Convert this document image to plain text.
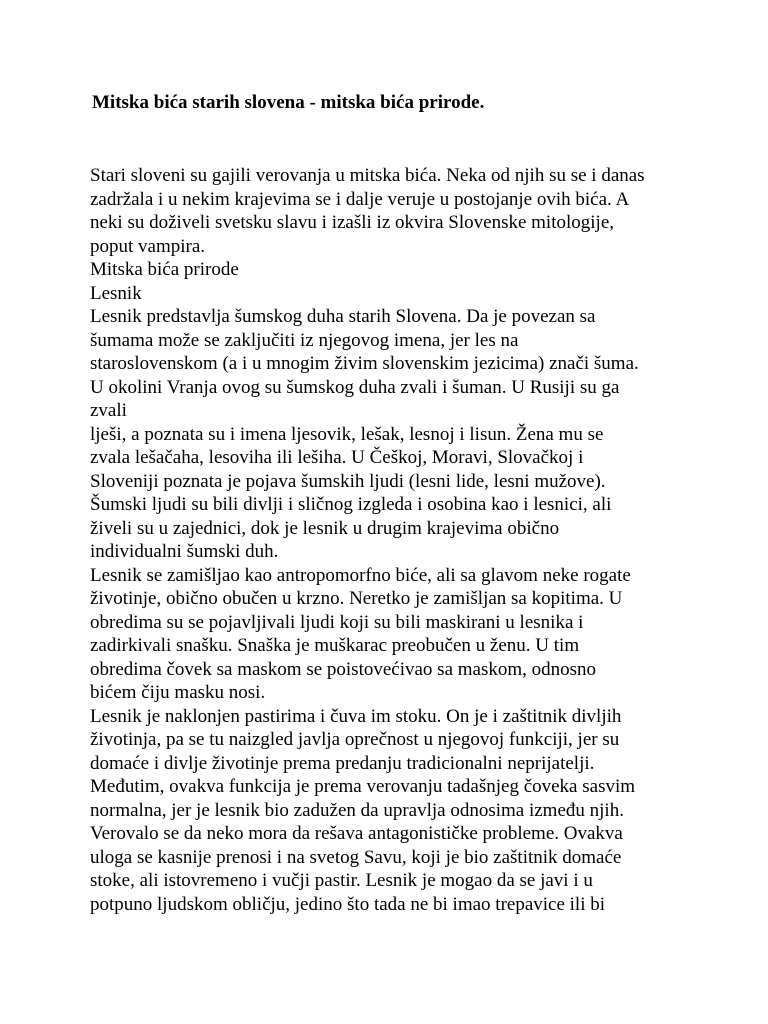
Mitska bića starih slovena - mitska bića prirode.
Stari sloveni su gajili verovanja u mitska bića. Neka od njih su se i danas
zadržala i u nekim krajevima se i dalje veruje u postojanje ovih bića. A
neki su doživeli svetsku slavu i izašli iz okvira Slovenske mitologije,
poput vampira.
Mitska bića prirode
Lesnik
Lesnik predstavlja šumskog duha starih Slovena. Da je povezan sa
šumama može se zaključiti iz njegovog imena, jer les na
staroslovenskom (a i u mnogim živim slovenskim jezicima) znači šuma.
U okolini Vranja ovog su šumskog duha zvali i šuman. U Rusiji su ga
zvali
lješi, a poznata su i imena ljesovik, lešak, lesnoj i lisun. Žena mu se
zvala lešačaha, lesoviha ili lešiha. U Češkoj, Moravi, Slovačkoj i
Sloveniji poznata je pojava šumskih ljudi (lesni lide, lesni mužove).
Šumski ljudi su bili divlji i sličnog izgleda i osobina kao i lesnici, ali
živeli su u zajednici, dok je lesnik u drugim krajevima obično
individualni šumski duh.
Lesnik se zamišljao kao antropomorfno biće, ali sa glavom neke rogate
životinje, obično obučen u krzno. Neretko je zamišljan sa kopitima. U
obredima su se pojavljivali ljudi koji su bili maskirani u lesnika i
zadirkivali snašku. Snaška je muškarac preobučen u ženu. U tim
obredima čovek sa maskom se poistovećivao sa maskom, odnosno
bićem čiju masku nosi.
Lesnik je naklonjen pastirima i čuva im stoku. On je i zaštitnik divljih
životinja, pa se tu naizgled javlja oprečnost u njegovoj funkciji, jer su
domaće i divlje životinje prema predanju tradicionalni neprijatelji.
Međutim, ovakva funkcija je prema verovanju tadašnjeg čoveka sasvim
normalna, jer je lesnik bio zadužen da upravlja odnosima između njih.
Verovalo se da neko mora da rešava antagonističke probleme. Ovakva
uloga se kasnije prenosi i na svetog Savu, koji je bio zaštitnik domaće
stoke, ali istovremeno i vučji pastir. Lesnik je mogao da se javi i u
potpuno ljudskom obličju, jedino što tada ne bi imao trepavice ili bi
